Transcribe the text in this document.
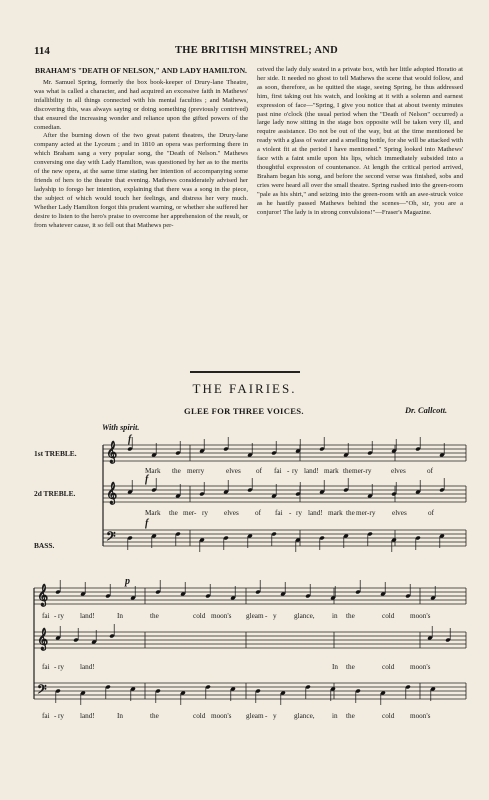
114	THE BRITISH MINSTREL; AND

BRAHAM'S "DEATH OF NELSON," AND LADY HAMILTON.

Mr. Samuel Spring, formerly the box book-keeper of Drury-lane Theatre, was what is called a character, and had acquired an excessive faith in Mathews' infallibility in all things connected with his mental faculties ; and Mathews, discovering this, was always saying or doing something (previously contrived) that ensured the increasing wonder and reliance upon the gifted powers of the comedian.

After the burning down of the two great patent theatres, the Drury-lane company acted at the Lyceum ; and in 1810 an opera was performing there in which Braham sang a very popular song, the "Death of Nelson." Mathews conversing one day with Lady Hamilton, was questioned by her as to the merits of the new opera, at the same time stating her intention of accompanying some friends of hers to the theatre that evening. Mathews considerately advised her ladyship to forego her intention, explaining that there was a song in the piece, the subject of which would touch her feelings, and distress her very much. Whether Lady Hamilton forgot this prudent warning, or whether she suffered her desire to listen to the hero's praise to overcome her apprehension of the result, or from whatever cause, it so fell out that Mathews per-

ceived the lady duly seated in a private box, with her little adopted Horatio at her side. It needed no ghost to tell Mathews the scene that would follow, and as soon, therefore, as he quitted the stage, seeing Spring, he thus addressed him, first taking out his watch, and looking at it with a solemn and earnest expression of face—"Spring, I give you notice that at about twenty minutes past nine o'clock (the usual period when the "Death of Nelson" occurred) a large lady now sitting in the stage box opposite will be taken very ill, and require assistance. Do not be out of the way, but at the time mentioned be ready with a glass of water and a smelling bottle, for she will be attacked with a violent fit at the period I have mentioned." Spring looked into Mathews' face with a faint smile upon his lips, which immediately subsided into a thoughtful expression of countenance. At length the critical period arrived, Braham began his song, and before the second verse was finished, sobs and cries were heard all over the small theatre. Spring rushed into the green-room "pale as his shirt," and seizing into the green-room with an awe-struck voice as he hastily passed Mathews behind the scenes—"Oh, sir, you are a conjuror! The lady is in strong convulsions!"—Fraser's Magazine.

THE FAIRIES.
GLEE FOR THREE VOICES.	Dr. Callcott.
With spirit.
1st TREBLE.
2d TREBLE.
BASS.
𝄞
𝄞
𝄢
f
f
f
𝄞
𝄞
𝄢
p
Mark the merry	elves of fai - ry land! mark the mer-ry	elves	of
Mark the mer- ry elves of fai - ry land! mark the mer-ry elves	of
fai - ry land!	In	the	cold moon's gleam - y glance, in the	cold moon's
fai - ry land!	In the	cold moon's
fai - ry land!	In	the	cold moon's gleam - y glance, in the	cold moon's
